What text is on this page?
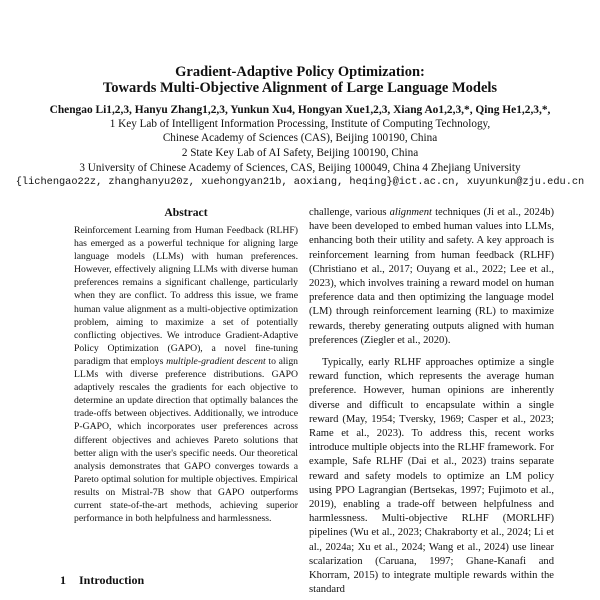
Gradient-Adaptive Policy Optimization:
Towards Multi-Objective Alignment of Large Language Models
Chengao Li1,2,3, Hanyu Zhang1,2,3, Yunkun Xu4, Hongyan Xue1,2,3, Xiang Ao1,2,3,*, Qing He1,2,3,*,
1 Key Lab of Intelligent Information Processing, Institute of Computing Technology,
Chinese Academy of Sciences (CAS), Beijing 100190, China
2 State Key Lab of AI Safety, Beijing 100190, China
3 University of Chinese Academy of Sciences, CAS, Beijing 100049, China 4 Zhejiang University
{lichengao22z, zhanghanyu20z, xuehongyan21b, aoxiang, heqing}@ict.ac.cn, xuyunkun@zju.edu.cn
Abstract
Reinforcement Learning from Human Feedback (RLHF) has emerged as a powerful technique for aligning large language models (LLMs) with human preferences. However, effectively aligning LLMs with diverse human preferences remains a significant challenge, particularly when they are conflict. To address this issue, we frame human value alignment as a multi-objective optimization problem, aiming to maximize a set of potentially conflicting objectives. We introduce Gradient-Adaptive Policy Optimization (GAPO), a novel fine-tuning paradigm that employs multiple-gradient descent to align LLMs with diverse preference distributions. GAPO adaptively rescales the gradients for each objective to determine an update direction that optimally balances the trade-offs between objectives. Additionally, we introduce P-GAPO, which incorporates user preferences across different objectives and achieves Pareto solutions that better align with the user's specific needs. Our theoretical analysis demonstrates that GAPO converges towards a Pareto optimal solution for multiple objectives. Empirical results on Mistral-7B show that GAPO outperforms current state-of-the-art methods, achieving superior performance in both helpfulness and harmlessness.
1 Introduction

challenge, various alignment techniques (Ji et al., 2024b) have been developed to embed human values into LLMs, enhancing both their utility and safety. A key approach is reinforcement learning from human feedback (RLHF) (Christiano et al., 2017; Ouyang et al., 2022; Lee et al., 2023), which involves training a reward model on human preference data and then optimizing the language model (LM) through reinforcement learning (RL) to maximize rewards, thereby generating outputs aligned with human preferences (Ziegler et al., 2020).

Typically, early RLHF approaches optimize a single reward function, which represents the average human preference. However, human opinions are inherently diverse and difficult to encapsulate within a single reward (May, 1954; Tversky, 1969; Casper et al., 2023; Rame et al., 2023). To address this, recent works introduce multiple objects into the RLHF framework. For example, Safe RLHF (Dai et al., 2023) trains separate reward and safety models to optimize an LM policy using PPO Lagrangian (Bertsekas, 1997; Fujimoto et al., 2019), enabling a trade-off between helpfulness and harmlessness. Multi-objective RLHF (MORLHF) pipelines (Wu et al., 2023; Chakraborty et al., 2024; Li et al., 2024a; Xu et al., 2024; Wang et al., 2024) use linear scalarization (Caruana, 1997; Ghane-Kanafi and Khorram, 2015) to integrate multiple rewards within the standard
